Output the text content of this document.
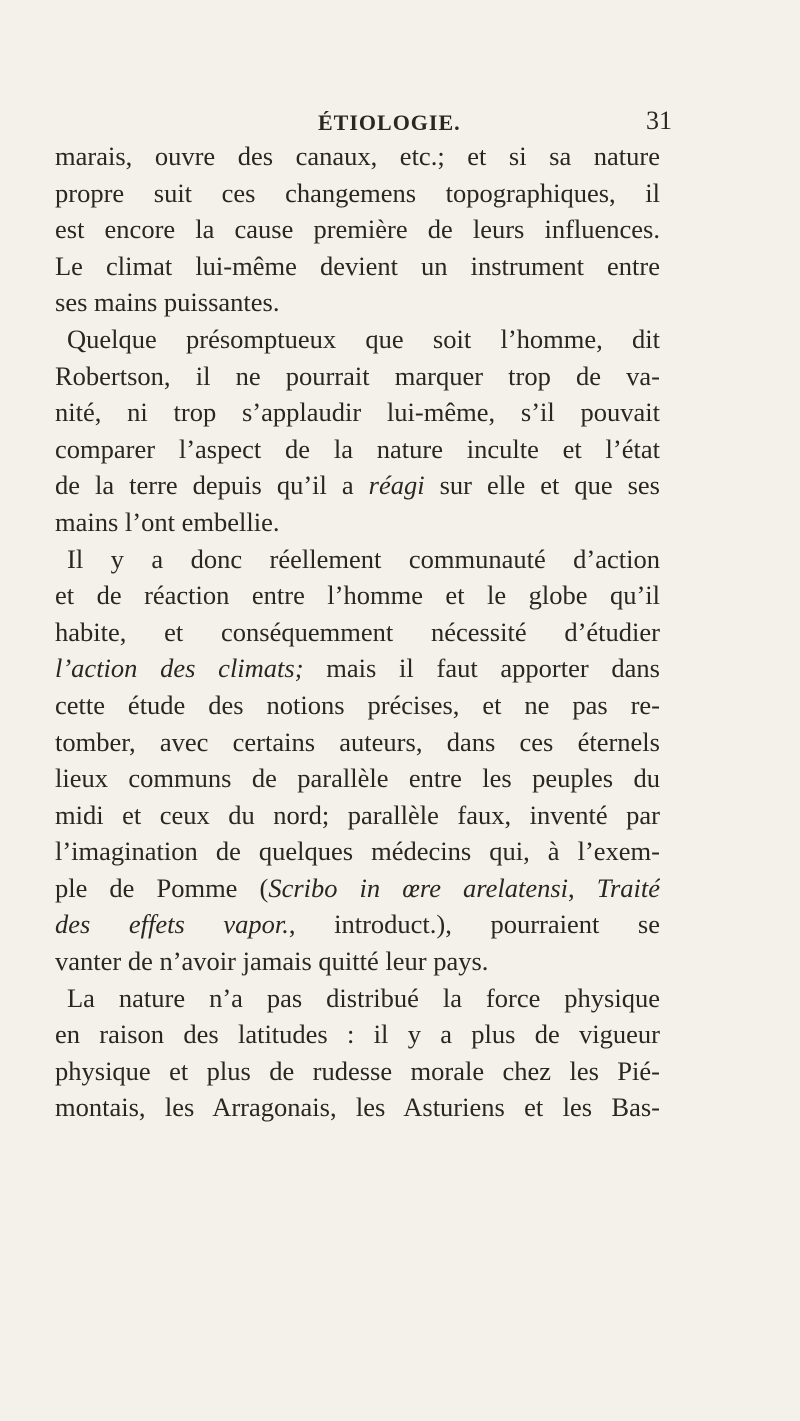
ÉTIOLOGIE.	31
marais, ouvre des canaux, etc.; et si sa nature
propre suit ces changemens topographiques, il
est encore la cause première de leurs influences.
Le climat lui-même devient un instrument entre
ses mains puissantes.
Quelque présomptueux que soit l’homme, dit
Robertson, il ne pourrait marquer trop de va-
nité, ni trop s’applaudir lui-même, s’il pouvait
comparer l’aspect de la nature inculte et l’état
de la terre depuis qu’il a réagi sur elle et que ses
mains l’ont embellie.
Il y a donc réellement communauté d’action
et de réaction entre l’homme et le globe qu’il
habite, et conséquemment nécessité d’étudier
l’action des climats; mais il faut apporter dans
cette étude des notions précises, et ne pas re-
tomber, avec certains auteurs, dans ces éternels
lieux communs de parallèle entre les peuples du
midi et ceux du nord; parallèle faux, inventé par
l’imagination de quelques médecins qui, à l’exem-
ple de Pomme (Scribo in œre arelatensi, Traité
des effets vapor., introduct.), pourraient se
vanter de n’avoir jamais quitté leur pays.
La nature n’a pas distribué la force physique
en raison des latitudes : il y a plus de vigueur
physique et plus de rudesse morale chez les Pié-
montais, les Arragonais, les Asturiens et les Bas-
